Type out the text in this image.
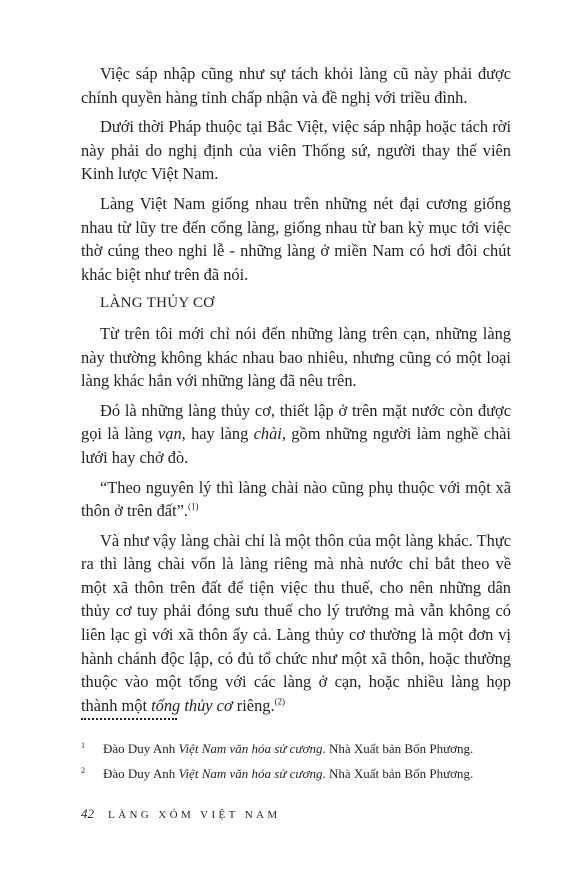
Việc sáp nhập cũng như sự tách khỏi làng cũ này phải được chính quyền hàng tỉnh chấp nhận và đề nghị với triều đình.

Dưới thời Pháp thuộc tại Bắc Việt, việc sáp nhập hoặc tách rời này phải do nghị định của viên Thống sứ, người thay thế viên Kinh lược Việt Nam.

Làng Việt Nam giống nhau trên những nét đại cương giống nhau từ lũy tre đến cổng làng, giống nhau từ ban kỳ mục tới việc thờ cúng theo nghi lễ - những làng ở miền Nam có hơi đôi chút khác biệt như trên đã nói.

LÀNG THỦY CƠ

Từ trên tôi mới chỉ nói đến những làng trên cạn, những làng này thường không khác nhau bao nhiêu, nhưng cũng có một loại làng khác hẳn với những làng đã nêu trên.

Đó là những làng thủy cơ, thiết lập ở trên mặt nước còn được gọi là làng vạn, hay làng chài, gồm những người làm nghề chài lưới hay chở đò.

“Theo nguyên lý thì làng chài nào cũng phụ thuộc với một xã thôn ở trên đất”.$^{(1)}$

Và như vậy làng chài chỉ là một thôn của một làng khác. Thực ra thì làng chài vốn là làng riêng mà nhà nước chỉ bắt theo về một xã thôn trên đất để tiện việc thu thuế, cho nên những dân thủy cơ tuy phải đóng sưu thuế cho lý trưởng mà vẫn không có liên lạc gì với xã thôn ấy cả. Làng thủy cơ thường là một đơn vị hành chánh độc lập, có đủ tổ chức như một xã thôn, hoặc thường thuộc vào một tổng với các làng ở cạn, hoặc nhiều làng họp thành một tổng thủy cơ riêng.$^{(2)}$

1 Đào Duy Anh Việt Nam văn hóa sử cương. Nhà Xuất bản Bốn Phương.
2 Đào Duy Anh Việt Nam văn hóa sử cương. Nhà Xuất bản Bốn Phương.
42 LÀNG XÓM VIỆT NAM
